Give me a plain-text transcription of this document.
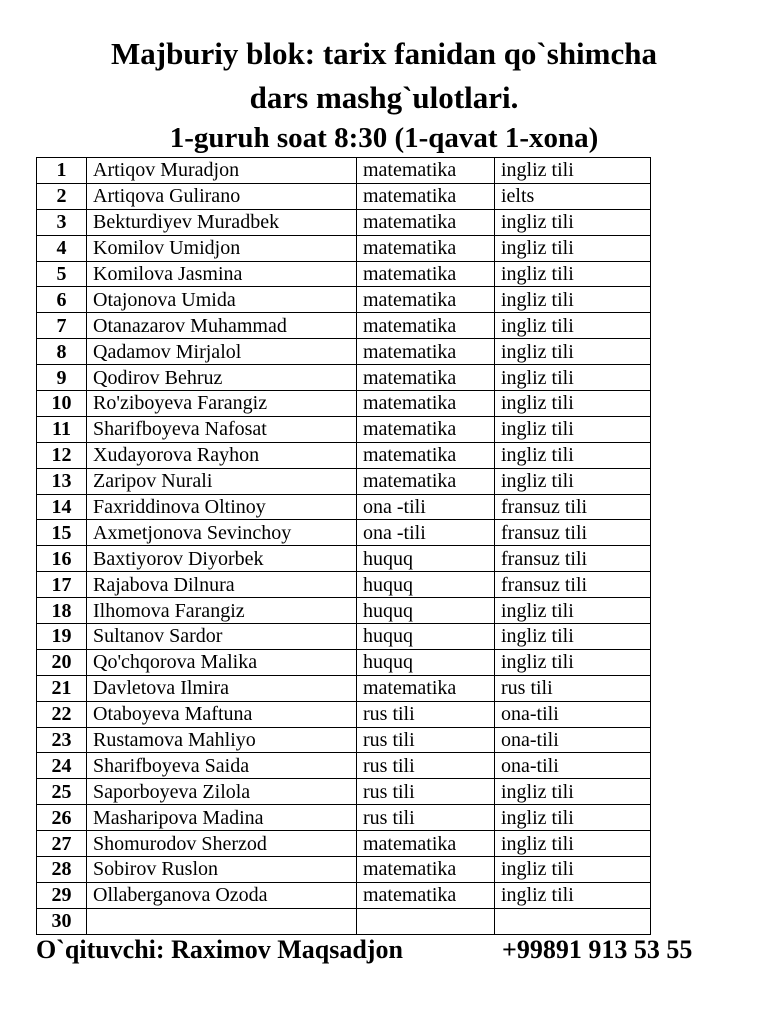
Majburiy blok: tarix fanidan qo`shimcha
dars mashg`ulotlari.
1-guruh soat 8:30 (1-qavat 1-xona)
1	Artiqov Muradjon	matematika	ingliz tili
2	Artiqova Gulirano	matematika	ielts
3	Bekturdiyev Muradbek	matematika	ingliz tili
4	Komilov Umidjon	matematika	ingliz tili
5	Komilova Jasmina	matematika	ingliz tili
6	Otajonova Umida	matematika	ingliz tili
7	Otanazarov Muhammad	matematika	ingliz tili
8	Qadamov Mirjalol	matematika	ingliz tili
9	Qodirov Behruz	matematika	ingliz tili
10	Ro'ziboyeva Farangiz	matematika	ingliz tili
11	Sharifboyeva Nafosat	matematika	ingliz tili
12	Xudayorova Rayhon	matematika	ingliz tili
13	Zaripov Nurali	matematika	ingliz tili
14	Faxriddinova Oltinoy	ona -tili	fransuz tili
15	Axmetjonova Sevinchoy	ona -tili	fransuz tili
16	Baxtiyorov Diyorbek	huquq	fransuz tili
17	Rajabova Dilnura	huquq	fransuz tili
18	Ilhomova Farangiz	huquq	ingliz tili
19	Sultanov Sardor	huquq	ingliz tili
20	Qo'chqorova Malika	huquq	ingliz tili
21	Davletova Ilmira	matematika	rus tili
22	Otaboyeva Maftuna	rus tili	ona-tili
23	Rustamova Mahliyo	rus tili	ona-tili
24	Sharifboyeva Saida	rus tili	ona-tili
25	Saporboyeva Zilola	rus tili	ingliz tili
26	Masharipova Madina	rus tili	ingliz tili
27	Shomurodov Sherzod	matematika	ingliz tili
28	Sobirov Ruslon	matematika	ingliz tili
29	Ollaberganova Ozoda	matematika	ingliz tili
30			
O`qituvchi: Raximov Maqsadjon	+99891 913 53 55
